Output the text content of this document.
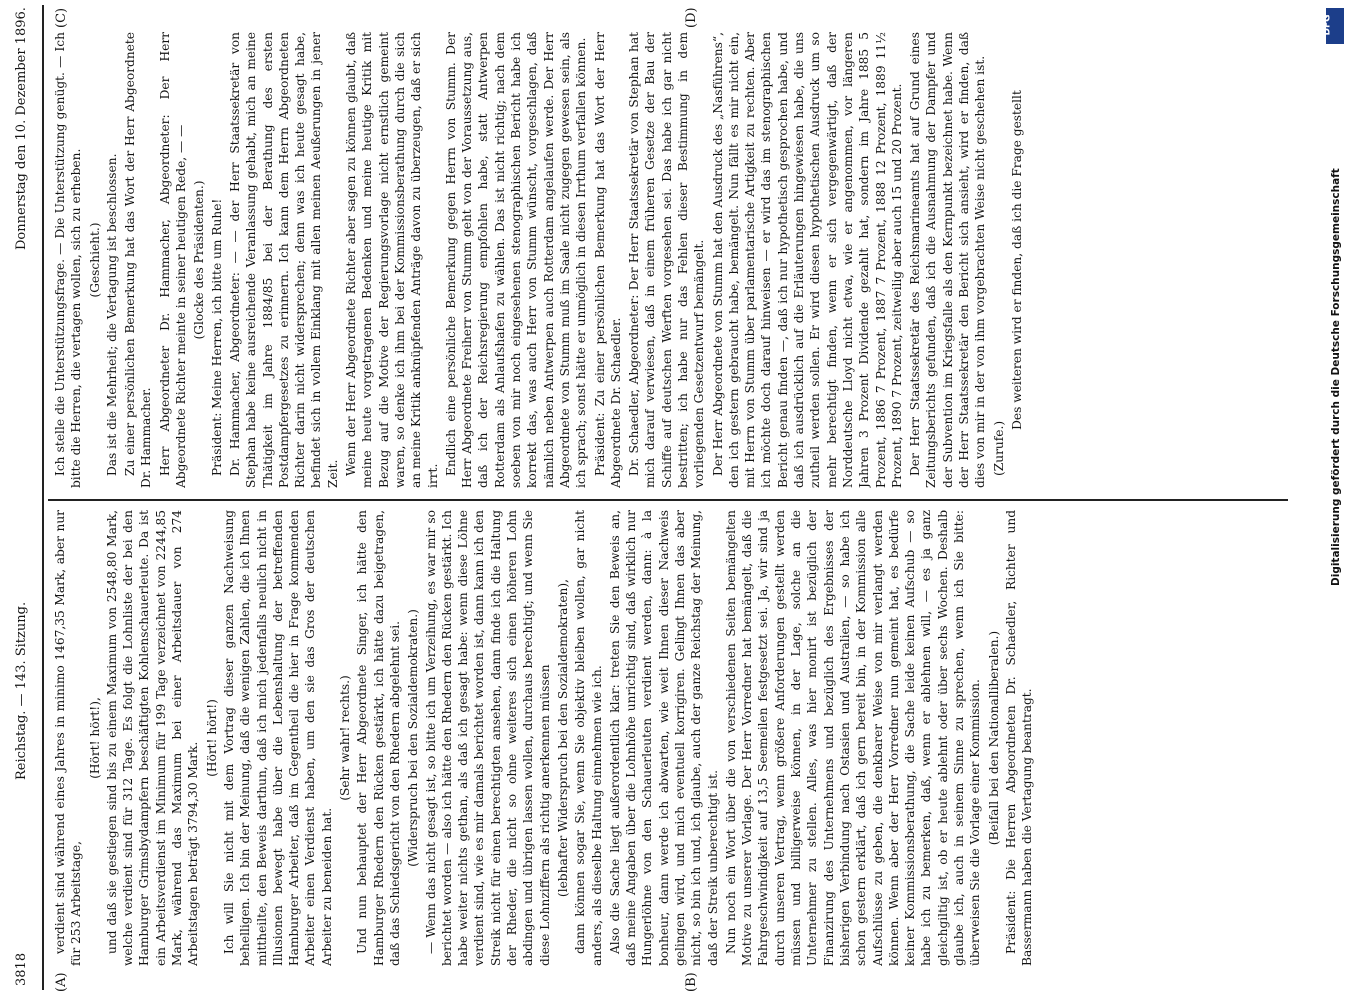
3818
Reichstag. — 143. Sitzung.
Donnerstag den 10. Dezember 1896.
(A)	(B)
(C)	(D)

verdient sind während eines Jahres in minimo 1467,35 Mark, aber nur für 253 Arbeitstage,

(Hört! hört!), und daß sie gestiegen sind bis zu einem Maximum von 2548,80 Mark, welche verdient sind für 312 Tage. Es folgt die Lohnliste der bei den Hamburger Grimsbydampfern beschäftigten Kohlenschauerleute. Da ist ein Arbeitsverdienst im Minimum für 199 Tage verzeichnet von 2244,85 Mark, während das Maximum bei einer Arbeitsdauer von 274 Arbeitstagen beträgt 3794,30 Mark.

(Hört! hört!) Ich will Sie nicht mit dem Vortrag dieser ganzen Nachweisung behelligen. Ich bin der Meinung, daß die wenigen Zahlen, die ich Ihnen mittheilte, den Beweis darthun, daß ich mich jedenfalls neulich nicht in Illusionen bewegt habe über die Lebenshaltung der betreffenden Hamburger Arbeiter, daß im Gegentheil die hier in Frage kommenden Arbeiter einen Verdienst haben, um den sie das Gros der deutschen Arbeiter zu beneiden hat.

(Sehr wahr! rechts.) Und nun behauptet der Herr Abgeordnete Singer, ich hätte den Hamburger Rhedern den Rücken gestärkt, ich hätte dazu beigetragen, daß das Schiedsgericht von den Rhedern abgelehnt sei. (Widerspruch bei den Sozialdemokraten.) — Wenn das nicht gesagt ist, so bitte ich um Verzeihung, es war mir so berichtet worden — also ich hätte den Rhedern den Rücken gestärkt. Ich habe weiter nichts gethan, als daß ich gesagt habe: wenn diese Löhne verdient sind, wie es mir damals berichtet worden ist, dann kann ich den Streik nicht für einen berechtigten ansehen, dann finde ich die Haltung der Rheder, die nicht so ohne weiteres sich einen höheren Lohn abdingen und übrigen lassen wollen, durchaus berechtigt; und wenn Sie diese Lohnziffern als richtig anerkennen müssen (lebhafter Widerspruch bei den Sozialdemokraten), dann können sogar Sie, wenn Sie objektiv bleiben wollen, gar nicht anders, als dieselbe Haltung einnehmen wie ich. Also die Sache liegt außerordentlich klar: treten Sie den Beweis an, daß meine Angaben über die Lohnhöhe unrichtig sind, daß wirklich nur Hungerlöhne von den Schauerleuten verdient werden, dann: à la bonheur, dann werde ich abwarten, wie weit Ihnen dieser Nachweis gelingen wird, und mich eventuell korrigiren. Gelingt Ihnen das aber nicht, so bin ich und, ich glaube, auch der ganze Reichstag der Meinung, daß der Streik unberechtigt ist. Nun noch ein Wort über die von verschiedenen Seiten bemängelten Motive zu unserer Vorlage. Der Herr Vorredner hat bemängelt, daß die Fahrgeschwindigkeit auf 13,5 Seemeilen festgesetzt sei. Ja, wir sind ja durch unseren Vertrag, wenn größere Anforderungen gestellt werden müssen und billigerweise können, in der Lage, solche an die Unternehmer zu stellen. Alles, was hier monirt ist bezüglich der Finanzirung des Unternehmens und bezüglich des Ergebnisses der bisherigen Verbindung nach Ostasien und Australien, — so habe ich schon gestern erklärt, daß ich gern bereit bin, in der Kommission alle Aufschlüsse zu geben, die denkbarer Weise von mir verlangt werden können. Wenn aber der Herr Vorredner nun gemeint hat, es bedürfe keiner Kommissionsberathung, die Sache leide keinen Aufschub — so habe ich zu bemerken, daß, wenn er ablehnen will, — es ja ganz gleichgiltig ist, ob er heute ablehnt oder über sechs Wochen. Deshalb glaube ich, auch in seinem Sinne zu sprechen, wenn ich Sie bitte: überweisen Sie die Vorlage einer Kommission. (Beifall bei den Nationalliberalen.) Präsident: Die Herren Abgeordneten Dr. Schaedler, Richter und Bassermann haben die Vertagung beantragt.

Ich stelle die Unterstützungsfrage. — Die Unterstützung genügt. — Ich bitte die Herren, die vertagen wollen, sich zu erheben. (Geschieht.) Das ist die Mehrheit; die Vertagung ist beschlossen. Zu einer persönlichen Bemerkung hat das Wort der Herr Abgeordnete Dr. Hammacher. Herr Abgeordneter Dr. Hammacher, Abgeordneter: Der Herr Abgeordnete Richter meinte in seiner heutigen Rede, — — (Glocke des Präsidenten.) Präsident: Meine Herren, ich bitte um Ruhe! Dr. Hammacher, Abgeordneter: — — der Herr Staatssekretär von Stephan habe keine ausreichende Veranlassung gehabt, mich an meine Thätigkeit im Jahre 1884/85 bei der Berathung des ersten Postdampfergesetzes zu erinnern. Ich kann dem Herrn Abgeordneten Richter darin nicht widersprechen; denn was ich heute gesagt habe, befindet sich in vollem Einklang mit allen meinen Aeußerungen in jener Zeit. Wenn der Herr Abgeordnete Richter aber sagen zu können glaubt, daß meine heute vorgetragenen Bedenken und meine heutige Kritik mit Bezug auf die Motive der Regierungsvorlage nicht ernstlich gemeint waren, so denke ich ihm bei der Kommissionsberathung durch die sich an meine Kritik anknüpfenden Anträge davon zu überzeugen, daß er sich irrt. Endlich eine persönliche Bemerkung gegen Herrn von Stumm. Der Herr Abgeordnete Freiherr von Stumm geht von der Voraussetzung aus, daß ich der Reichsregierung empfohlen habe, statt Antwerpen Rotterdam als Anlaufshafen zu wählen. Das ist nicht richtig; nach dem soeben von mir noch eingesehenen stenographischen Bericht habe ich korrekt das, was auch Herr von Stumm wünscht, vorgeschlagen, daß nämlich neben Antwerpen auch Rotterdam angelaufen werde. Der Herr Abgeordnete von Stumm muß im Saale nicht zugegen gewesen sein, als ich sprach; sonst hätte er unmöglich in diesen Irrthum verfallen können. Präsident: Zu einer persönlichen Bemerkung hat das Wort der Herr Abgeordnete Dr. Schaedler. Dr. Schaedler, Abgeordneter: Der Herr Staatssekretär von Stephan hat mich darauf verwiesen, daß in einem früheren Gesetze der Bau der Schiffe auf deutschen Werften vorgesehen sei. Das habe ich gar nicht bestritten; ich habe nur das Fehlen dieser Bestimmung in dem vorliegenden Gesetzentwurf bemängelt. Der Herr Abgeordnete von Stumm hat den Ausdruck des „Nasführens“, den ich gestern gebraucht habe, bemängelt. Nun fällt es mir nicht ein, mit Herrn von Stumm über parlamentarische Artigkeit zu rechten. Aber ich möchte doch darauf hinweisen — er wird das im stenographischen Bericht genau finden —, daß ich nur hypothetisch gesprochen habe, und daß ich ausdrücklich auf die Erläuterungen hingewiesen habe, die uns zutheil werden sollen. Er wird diesen hypothetischen Ausdruck um so mehr berechtigt finden, wenn er sich vergegenwärtigt, daß der Norddeutsche Lloyd nicht etwa, wie er angenommen, vor längeren Jahren 3 Prozent Dividende gezahlt hat, sondern im Jahre 1885 5 Prozent, 1886 7 Prozent, 1887 7 Prozent, 1888 12 Prozent, 1889 11½ Prozent, 1890 7 Prozent, zeitweilig aber auch 15 und 20 Prozent. Der Herr Staatssekretär des Reichsmarineamts hat auf Grund eines Zeitungsberichts gefunden, daß ich die Ausnahmung der Dampfer und der Subvention im Kriegsfalle als den Kernpunkt bezeichnet habe. Wenn der Herr Staatssekretär den Bericht sich ansieht, wird er finden, daß dies von mir in der von ihm vorgebrachten Weise nicht geschehen ist. (Zurufe.)

Des weiteren wird er finden, daß ich die Frage gestellt

DFG
Digitalisierung gefördert durch die Deutsche Forschungsgemeinschaft
